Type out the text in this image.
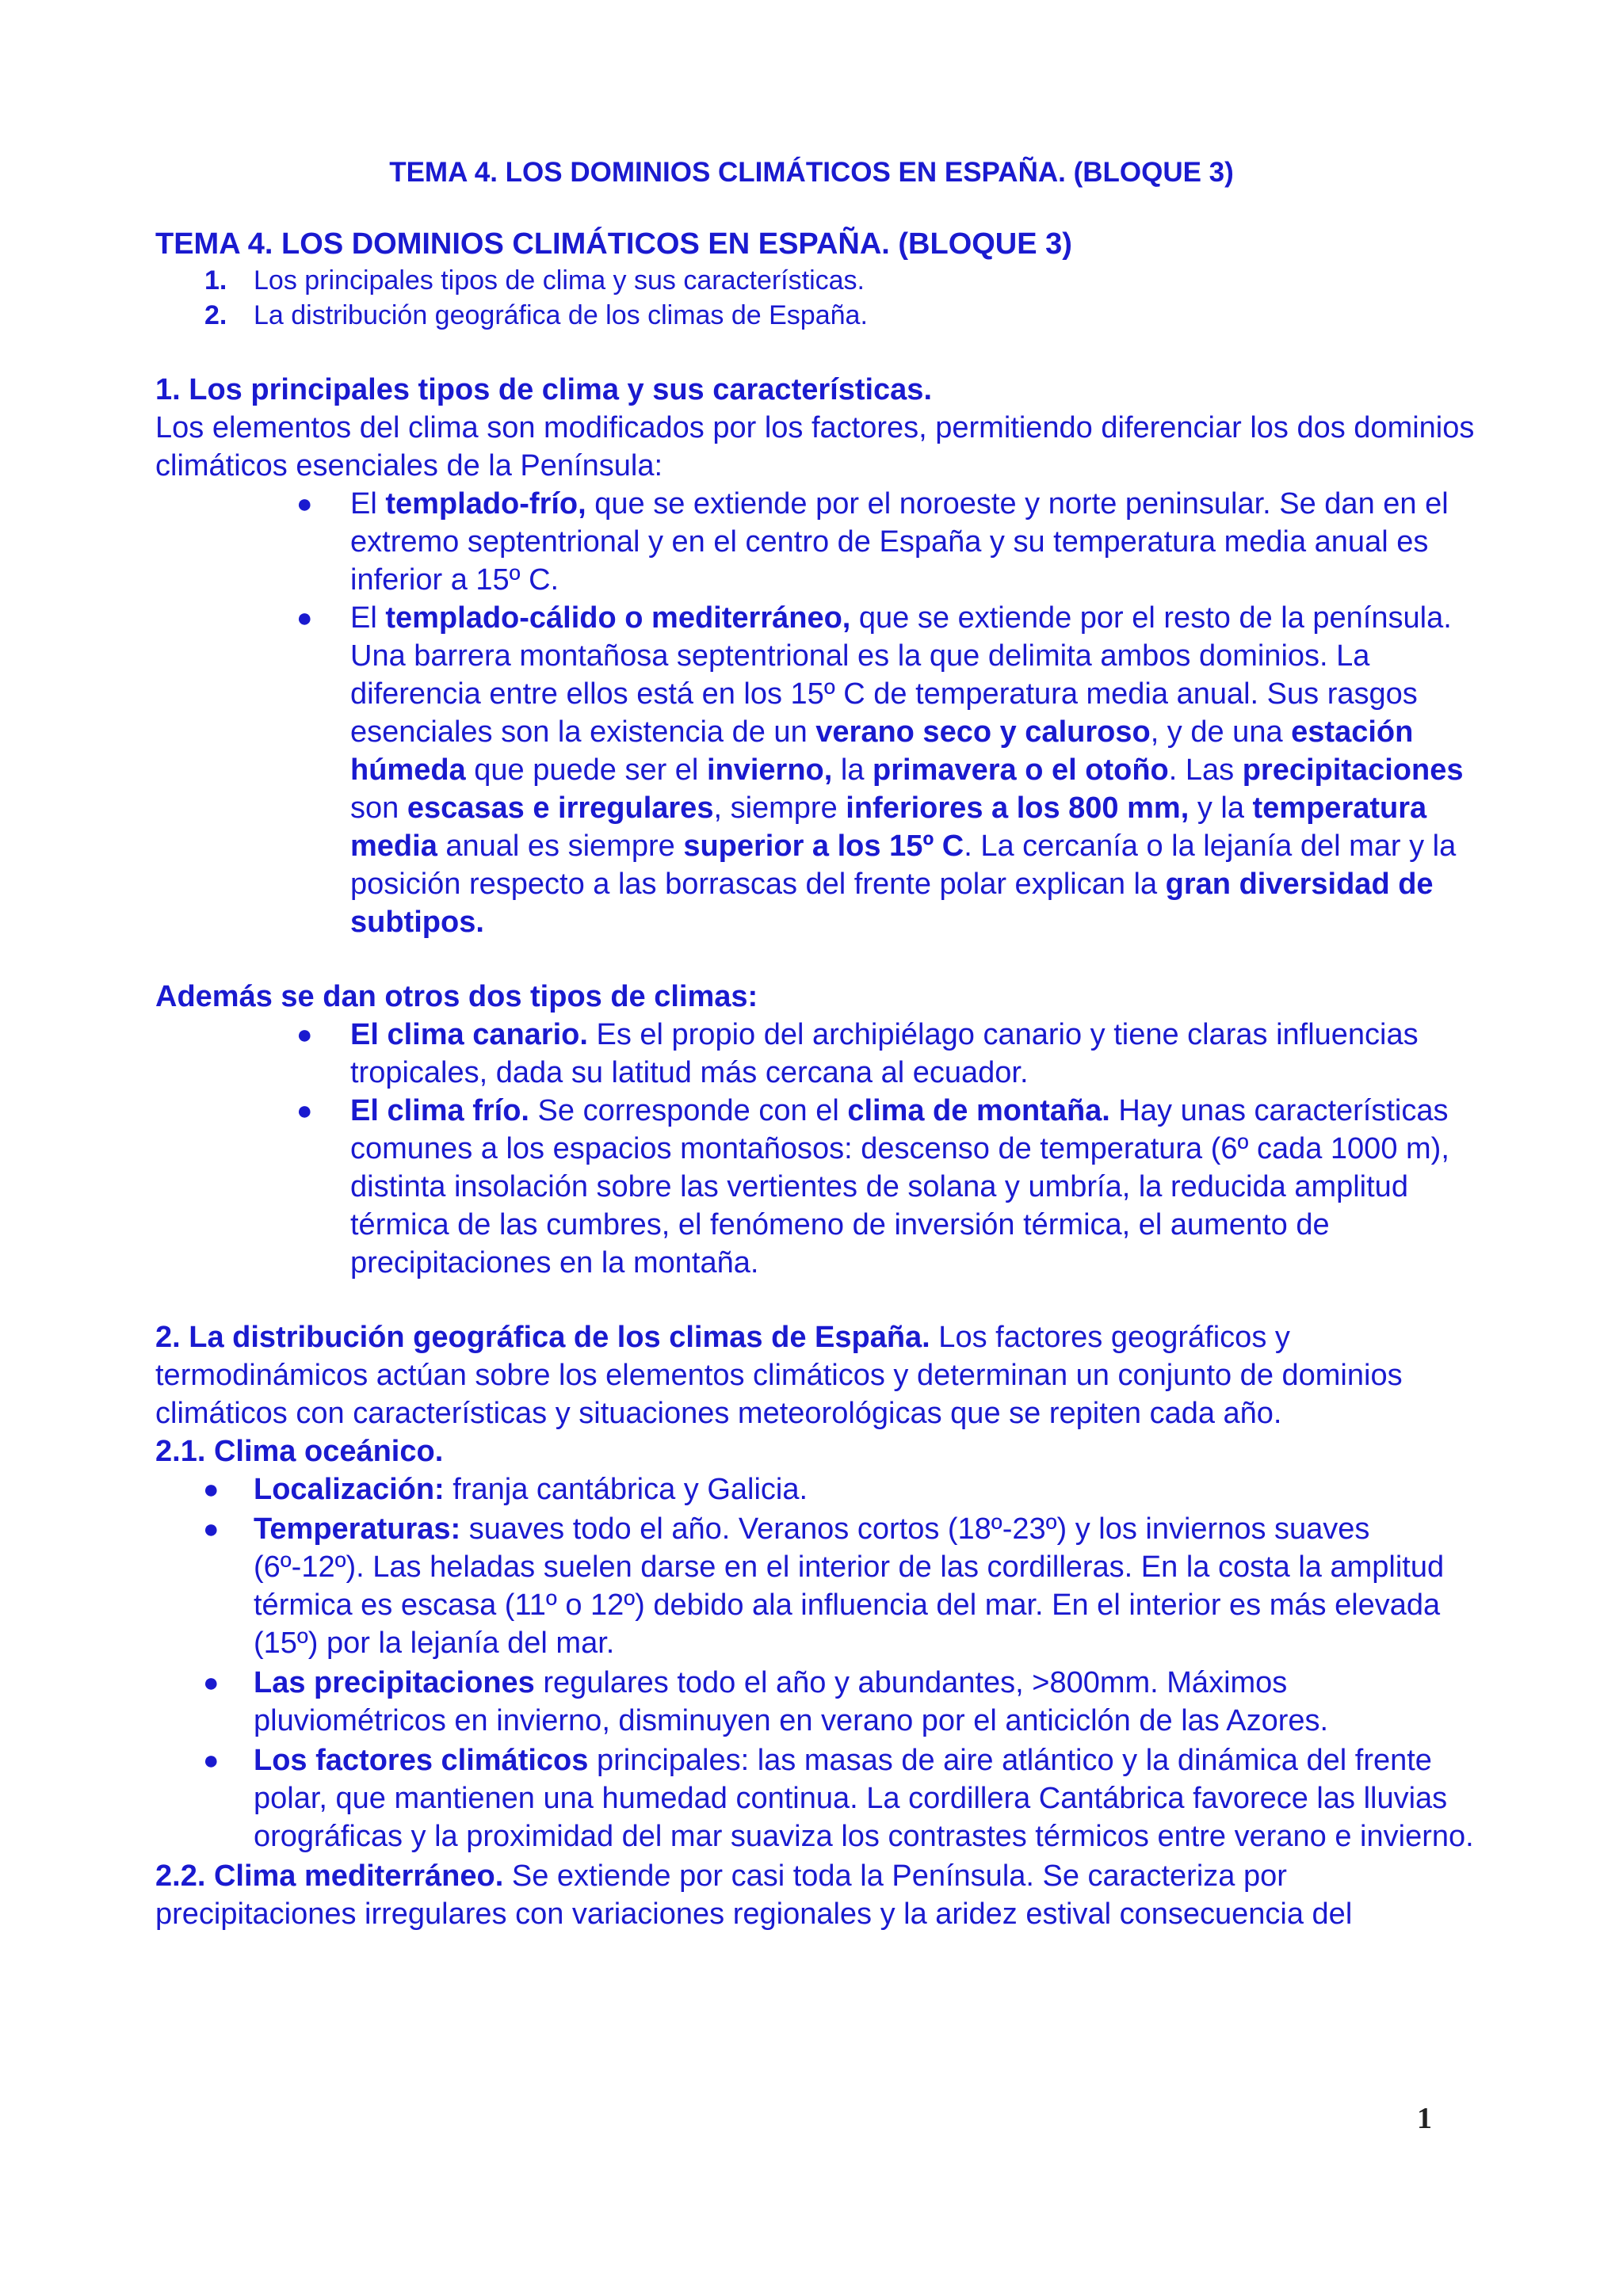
TEMA 4. LOS DOMINIOS CLIMÁTICOS EN ESPAÑA. (BLOQUE 3)

TEMA 4. LOS DOMINIOS CLIMÁTICOS EN ESPAÑA. (BLOQUE 3)

1. Los principales tipos de clima y sus características.
2. La distribución geográfica de los climas de España.

1. Los principales tipos de clima y sus características.

Los elementos del clima son modificados por los factores, permitiendo diferenciar los dos dominios climáticos esenciales de la Península:

● El templado-frío, que se extiende por el noroeste y norte peninsular. Se dan en el extremo septentrional y en el centro de España y su temperatura media anual es inferior a 15º C.
● El templado-cálido o mediterráneo, que se extiende por el resto de la península. Una barrera montañosa septentrional es la que delimita ambos dominios. La diferencia entre ellos está en los 15º C de temperatura media anual. Sus rasgos esenciales son la existencia de un verano seco y caluroso, y de una estación húmeda que puede ser el invierno, la primavera o el otoño. Las precipitaciones son escasas e irregulares, siempre inferiores a los 800 mm, y la temperatura media anual es siempre superior a los 15º C. La cercanía o la lejanía del mar y la posición respecto a las borrascas del frente polar explican la gran diversidad de subtipos.

Además se dan otros dos tipos de climas:

● El clima canario. Es el propio del archipiélago canario y tiene claras influencias tropicales, dada su latitud más cercana al ecuador.
● El clima frío. Se corresponde con el clima de montaña. Hay unas características comunes a los espacios montañosos: descenso de temperatura (6º cada 1000 m), distinta insolación sobre las vertientes de solana y umbría, la reducida amplitud térmica de las cumbres, el fenómeno de inversión térmica, el aumento de precipitaciones en la montaña.

2. La distribución geográfica de los climas de España. Los factores geográficos y termodinámicos actúan sobre los elementos climáticos y determinan un conjunto de dominios climáticos con características y situaciones meteorológicas que se repiten cada año.

2.1. Clima oceánico.

● Localización: franja cantábrica y Galicia.
● Temperaturas: suaves todo el año. Veranos cortos (18º-23º) y los inviernos suaves (6º-12º). Las heladas suelen darse en el interior de las cordilleras. En la costa la amplitud térmica es escasa (11º o 12º) debido ala influencia del mar. En el interior es más elevada (15º) por la lejanía del mar.
● Las precipitaciones regulares todo el año y abundantes, >800mm. Máximos pluviométricos en invierno, disminuyen en verano por el anticiclón de las Azores.
● Los factores climáticos principales: las masas de aire atlántico y la dinámica del frente polar, que mantienen una humedad continua. La cordillera Cantábrica favorece las lluvias orográficas y la proximidad del mar suaviza los contrastes térmicos entre verano e invierno.

2.2. Clima mediterráneo. Se extiende por casi toda la Península. Se caracteriza por precipitaciones irregulares con variaciones regionales y la aridez estival consecuencia del

1
